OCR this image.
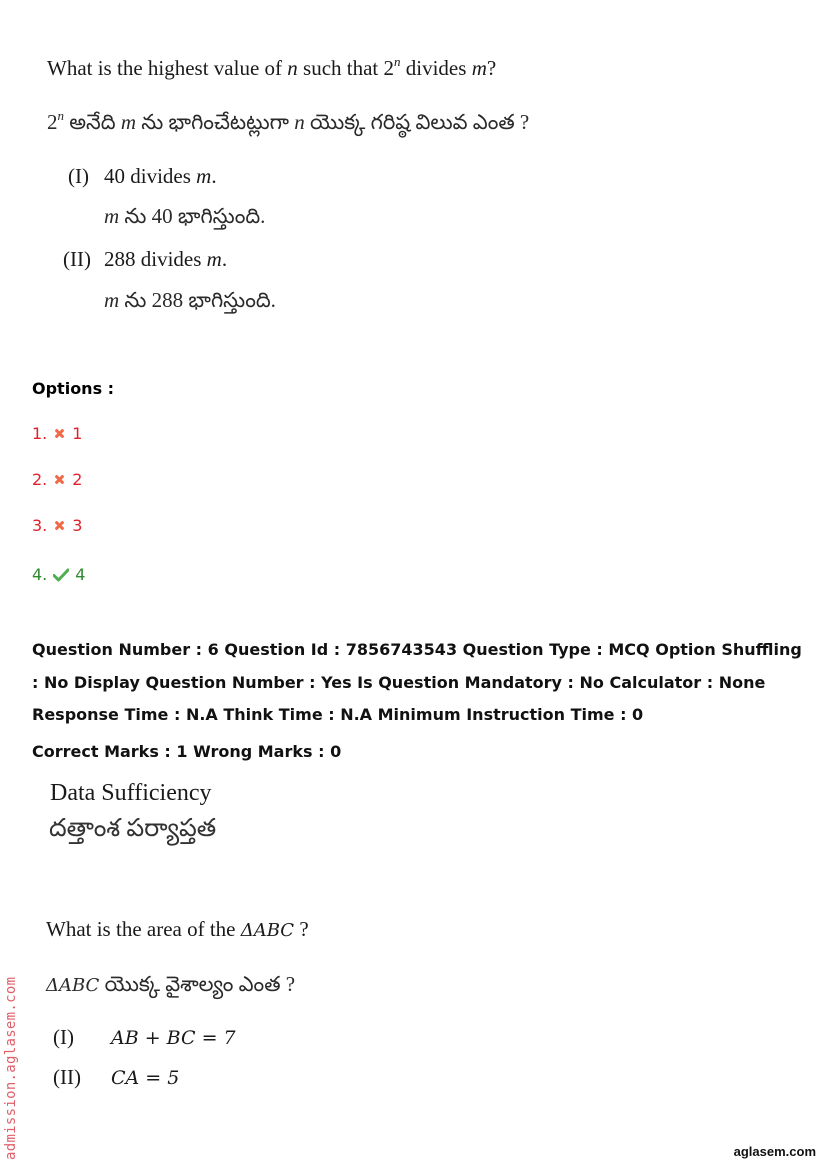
What is the highest value of n such that 2$^n$ divides m?
2$^n$ అనేది m ను భాగించేటట్లుగా n యొక్క గరిష్ఠ విలువ ఎంత ?
(I) 40 divides m.
m ను 40 భాగిస్తుంది.
(II) 288 divides m.
m ను 288 భాగిస్తుంది.
Options :
1. 1
2. 2
3. 3
4. 4
Question Number : 6 Question Id : 7856743543 Question Type : MCQ Option Shuffling : No Display Question Number : Yes Is Question Mandatory : No Calculator : None Response Time : N.A Think Time : N.A Minimum Instruction Time : 0
Correct Marks : 1 Wrong Marks : 0
Data Sufficiency
దత్తాంశ పర్యాప్తత
What is the area of the ΔABC ?
ΔABC యొక్క వైశాల్యం ఎంత ?
(I) AB + BC = 7
(II) CA = 5
admission.aglasem.com	aglasem.com
